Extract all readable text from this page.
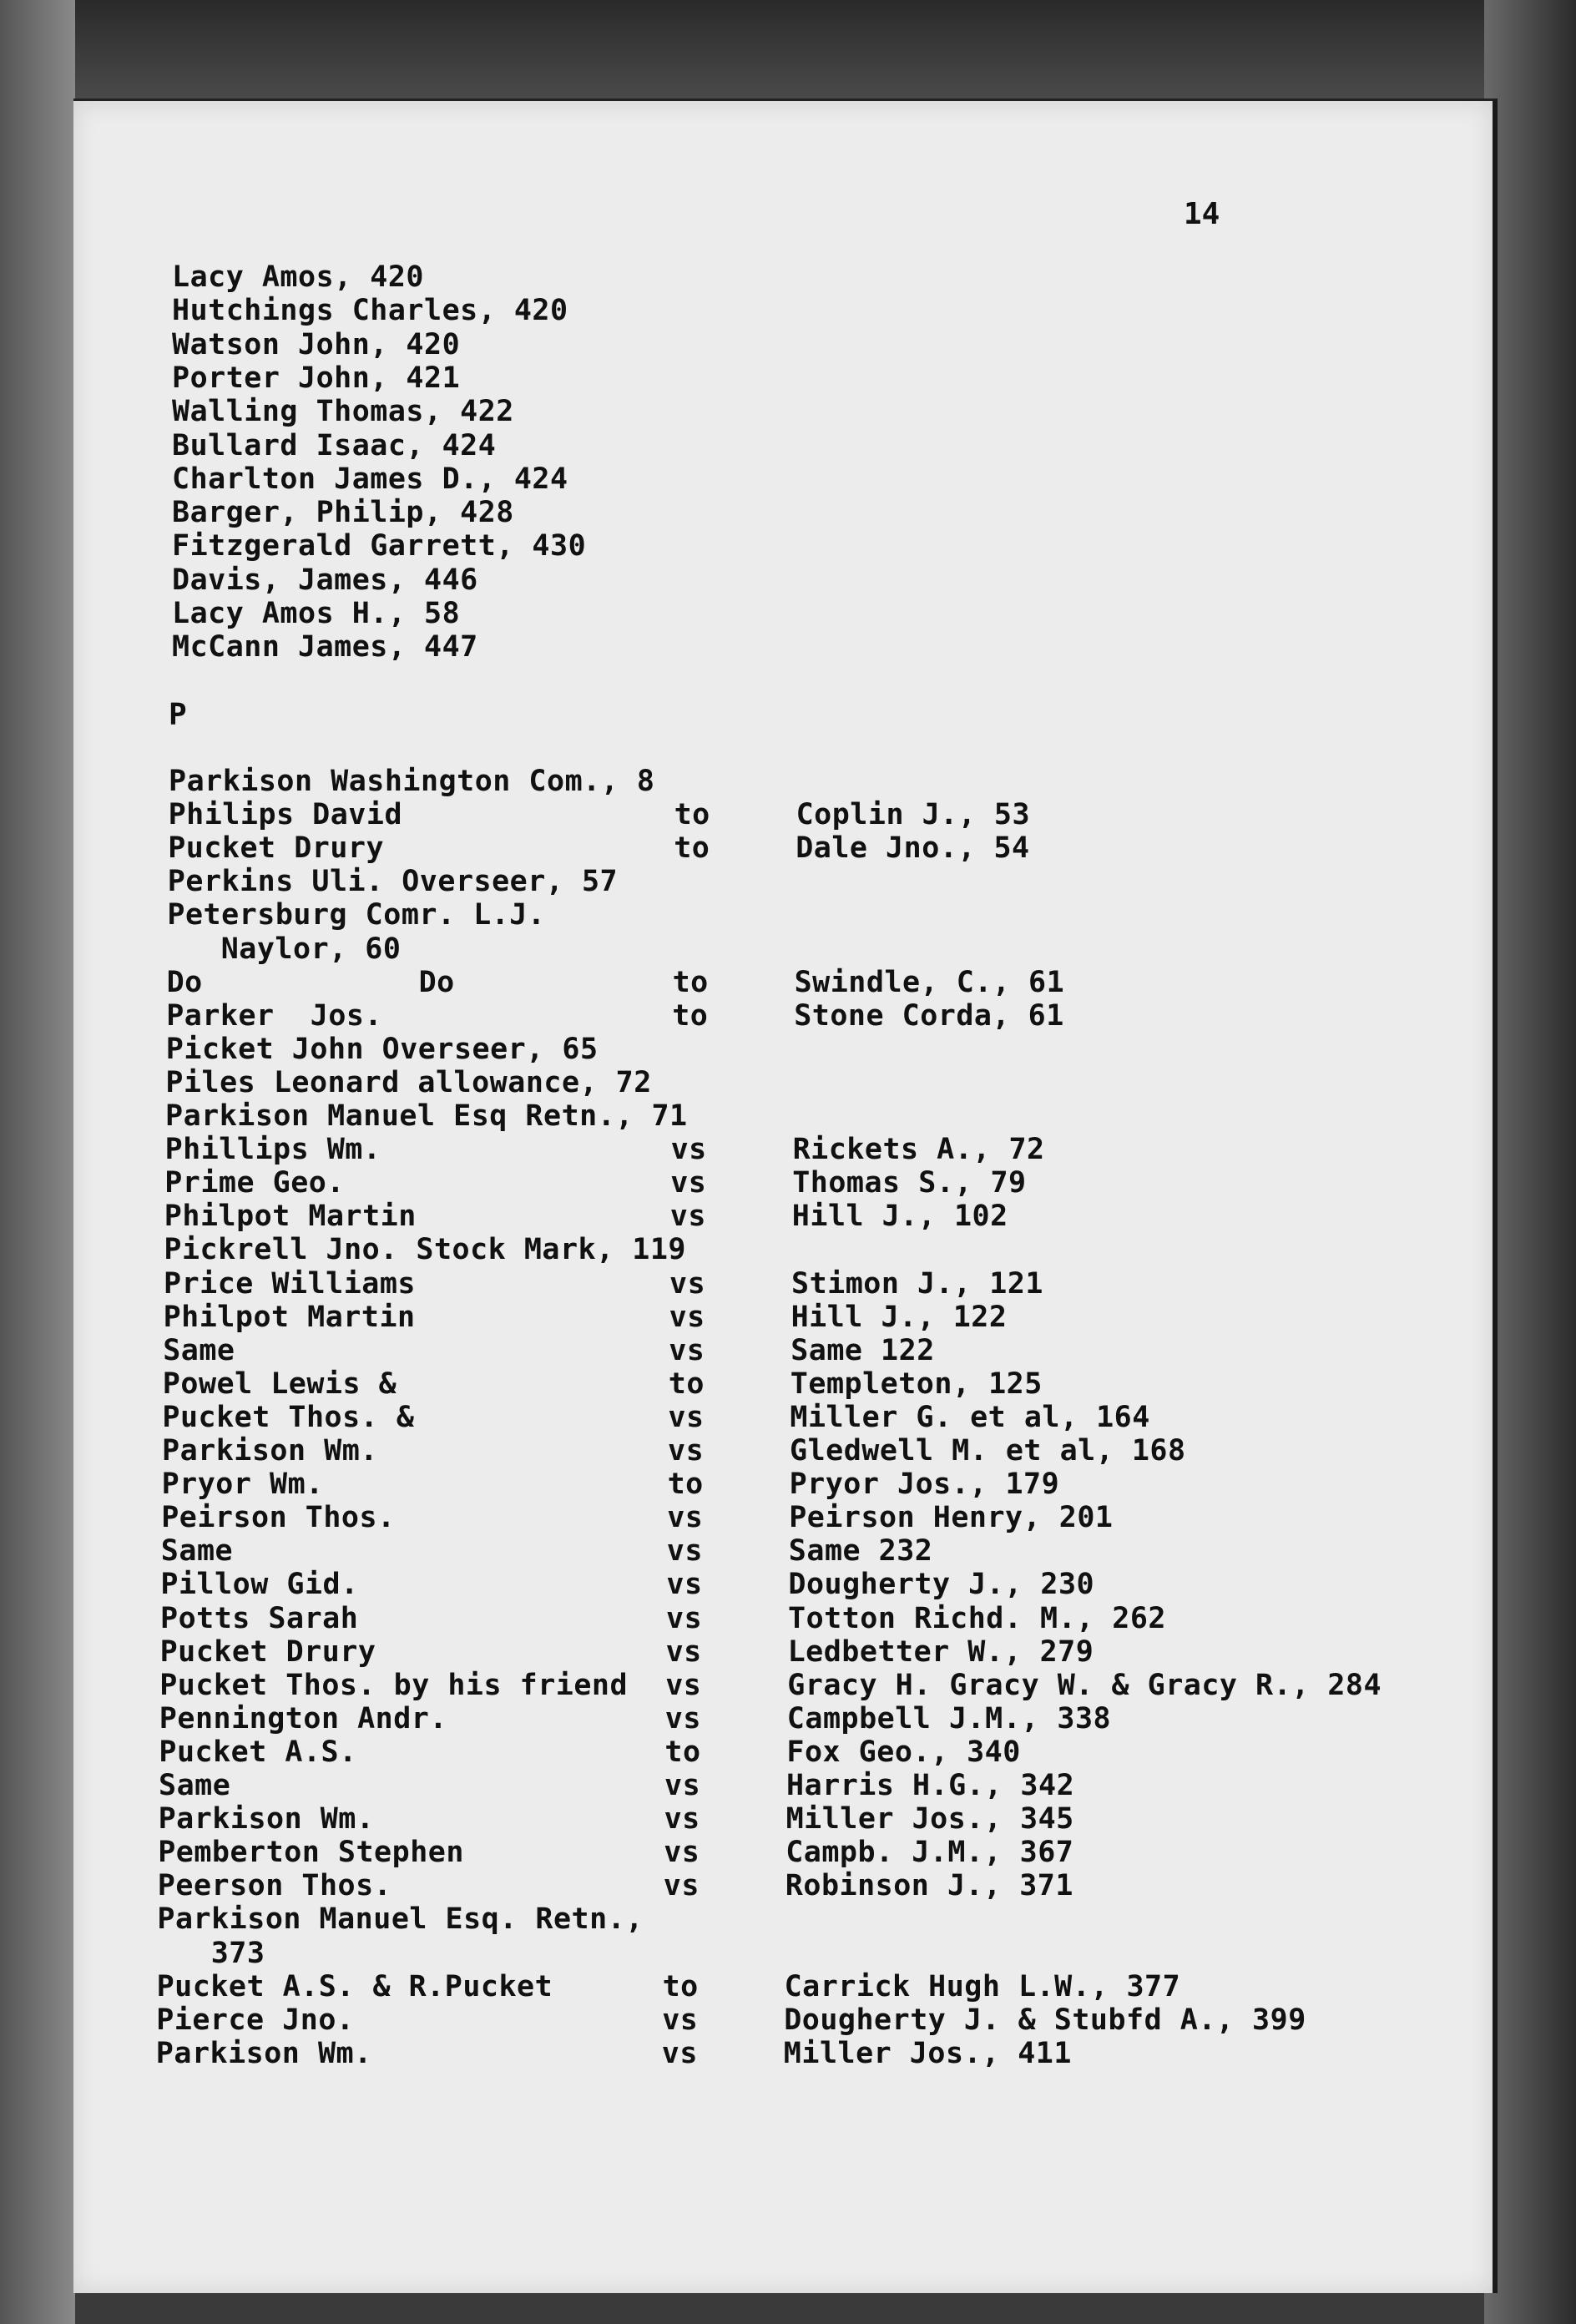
14
Lacy Amos, 420
Hutchings Charles, 420
Watson John, 420
Porter John, 421
Walling Thomas, 422
Bullard Isaac, 424
Charlton James D., 424
Barger, Philip, 428
Fitzgerald Garrett, 430
Davis, James, 446
Lacy Amos H., 58
McCann James, 447
P
Parkison Washington Com., 8
Philips David	to	Coplin J., 53
Pucket Drury	to	Dale Jno., 54
Perkins Uli. Overseer, 57
Petersburg Comr. L.J.
Naylor, 60
Do            Do	to	Swindle, C., 61
Parker  Jos.	to	Stone Corda, 61
Picket John Overseer, 65
Piles Leonard allowance, 72
Parkison Manuel Esq Retn., 71
Phillips Wm.	vs	Rickets A., 72
Prime Geo.	vs	Thomas S., 79
Philpot Martin	vs	Hill J., 102
Pickrell Jno. Stock Mark, 119
Price Williams	vs	Stimon J., 121
Philpot Martin	vs	Hill J., 122
Same	vs	Same 122
Powel Lewis &	to	Templeton, 125
Pucket Thos. &	vs	Miller G. et al, 164
Parkison Wm.	vs	Gledwell M. et al, 168
Pryor Wm.	to	Pryor Jos., 179
Peirson Thos.	vs	Peirson Henry, 201
Same	vs	Same 232
Pillow Gid.	vs	Dougherty J., 230
Potts Sarah	vs	Totton Richd. M., 262
Pucket Drury	vs	Ledbetter W., 279
Pucket Thos. by his friend vs	Gracy H. Gracy W. & Gracy R., 284
Pennington Andr.	vs	Campbell J.M., 338
Pucket A.S.	to	Fox Geo., 340
Same	vs	Harris H.G., 342
Parkison Wm.	vs	Miller Jos., 345
Pemberton Stephen	vs	Campb. J.M., 367
Peerson Thos.	vs	Robinson J., 371
Parkison Manuel Esq. Retn.,
373
Pucket A.S. & R.Pucket	to	Carrick Hugh L.W., 377
Pierce Jno.	vs	Dougherty J. & Stubfd A., 399
Parkison Wm.	vs	Miller Jos., 411
